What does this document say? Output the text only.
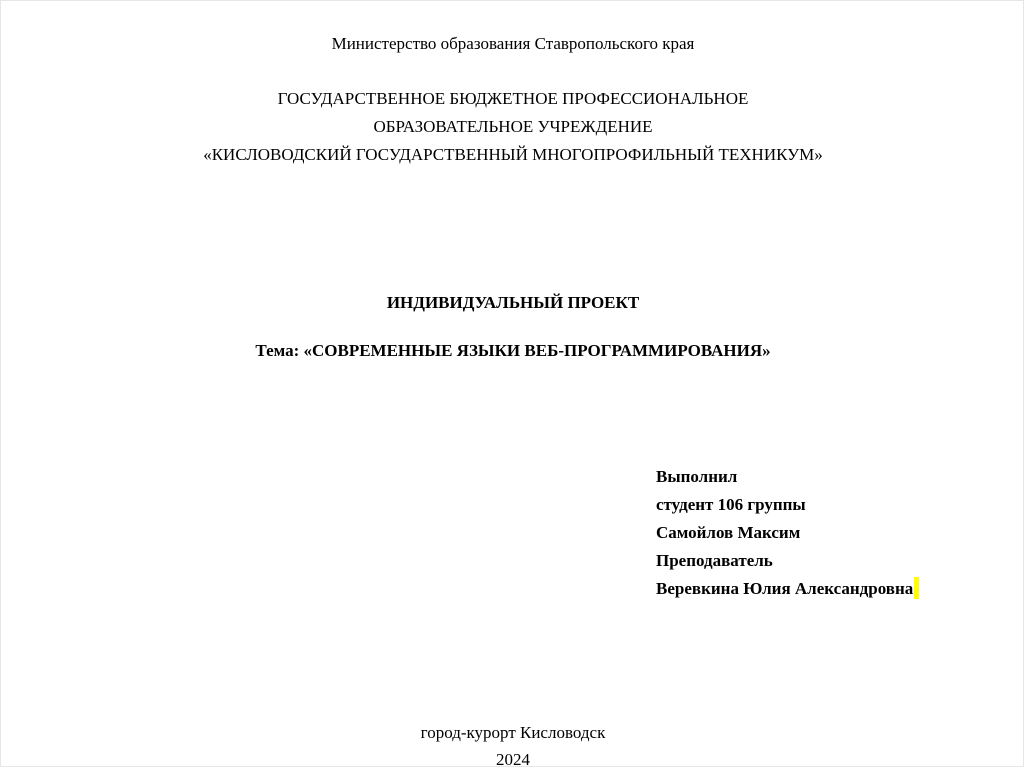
Министерство образования Ставропольского края
ГОСУДАРСТВЕННОЕ БЮДЖЕТНОЕ ПРОФЕССИОНАЛЬНОЕ
ОБРАЗОВАТЕЛЬНОЕ УЧРЕЖДЕНИЕ
«КИСЛОВОДСКИЙ ГОСУДАРСТВЕННЫЙ МНОГОПРОФИЛЬНЫЙ ТЕХНИКУМ»
ИНДИВИДУАЛЬНЫЙ ПРОЕКТ
Тема: «СОВРЕМЕННЫЕ ЯЗЫКИ ВЕБ-ПРОГРАММИРОВАНИЯ»
Выполнил
студент 106 группы
Самойлов Максим
Преподаватель
Веревкина Юлия Александровна
город-курорт Кисловодск
2024
